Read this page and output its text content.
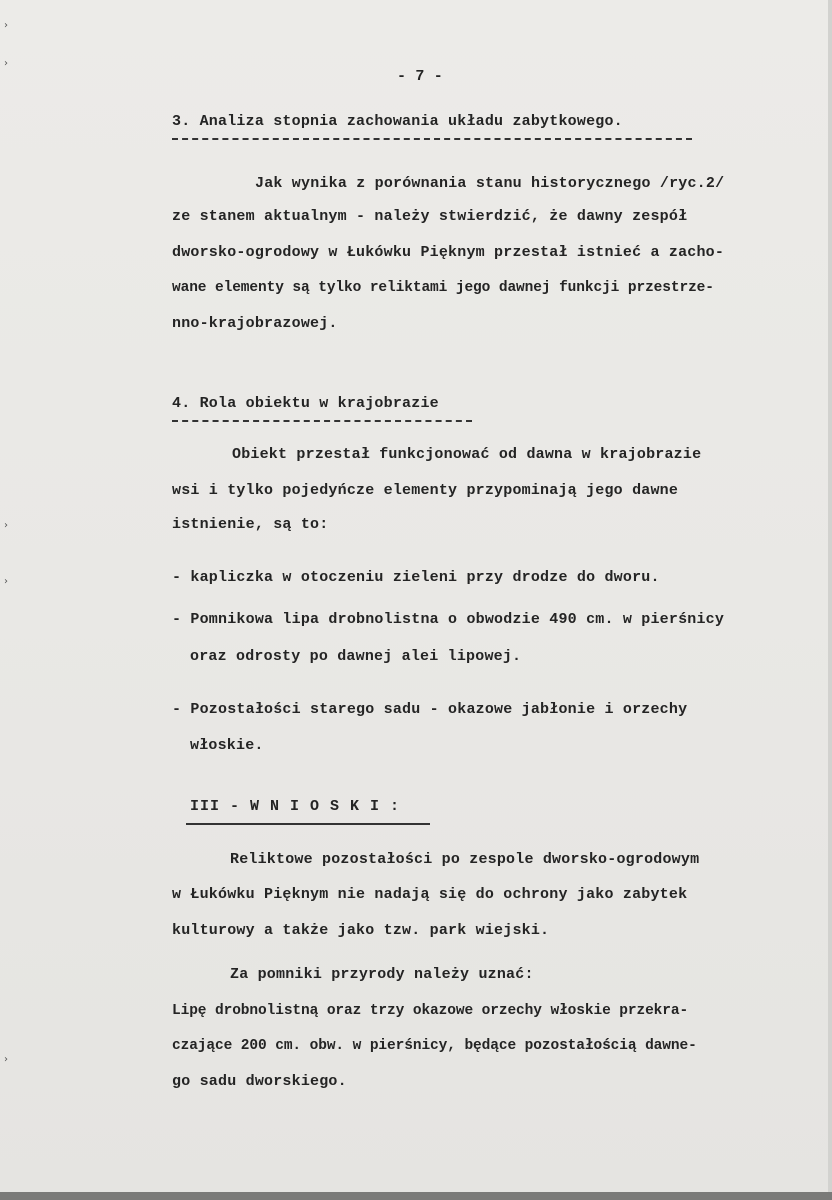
›
›
›
›
›
- 7 -
3. Analiza stopnia zachowania układu zabytkowego.
Jak wynika z porównania stanu historycznego /ryc.2/
ze stanem aktualnym - należy stwierdzić, że dawny zespół
dworsko-ogrodowy w Łukówku Pięknym przestał istnieć a zacho-
wane elementy są tylko reliktami jego dawnej funkcji przestrze-
nno-krajobrazowej.
4. Rola obiektu w krajobrazie
Obiekt przestał funkcjonować od dawna w krajobrazie
wsi i tylko pojedyńcze elementy przypominają jego dawne
istnienie, są to:
- kapliczka w otoczeniu zieleni przy drodze do dworu.
- Pomnikowa lipa drobnolistna o obwodzie 490 cm. w pierśnicy
oraz odrosty po dawnej alei lipowej.
- Pozostałości starego sadu - okazowe jabłonie i orzechy
włoskie.
III - W N I O S K I :
Reliktowe pozostałości po zespole dworsko-ogrodowym
w Łukówku Pięknym nie nadają się do ochrony jako zabytek
kulturowy a także jako tzw. park wiejski.
Za pomniki przyrody należy uznać:
Lipę drobnolistną oraz trzy okazowe orzechy włoskie przekra-
czające 200 cm. obw. w pierśnicy, będące pozostałością dawne-
go sadu dworskiego.
